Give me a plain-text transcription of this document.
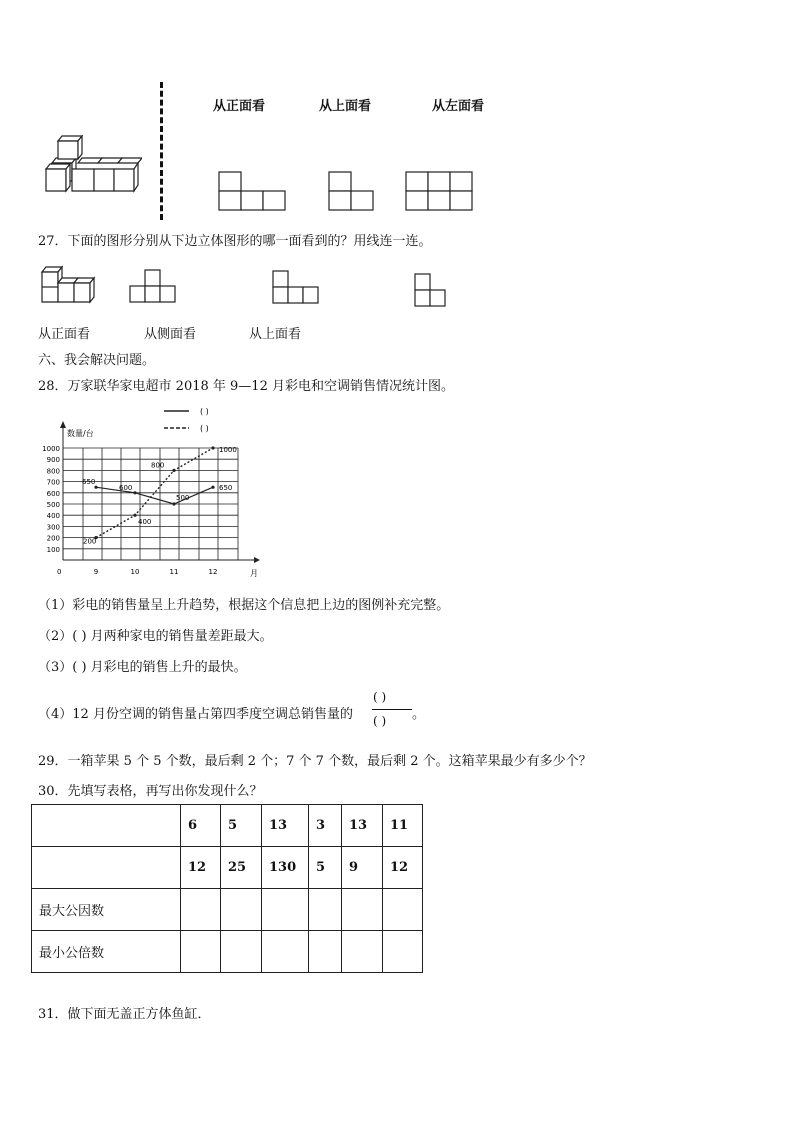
从正面看	从上面看	从左面看
27．下面的图形分别从下边立体图形的哪一面看到的？用线连一连。
从正面看	从侧面看	从上面看
六、我会解决问题。
28．万家联华家电超市 2018 年 9—12 月彩电和空调销售情况统计图。
( )
( )
数量/台
月
100
200
300
400
500
600
700
800
900
1000
0	9	10	11	12
650
600
500
650
200
400
800
1000
（1）彩电的销售量呈上升趋势，根据这个信息把上边的图例补充完整。
（2）( ) 月两种家电的销售量差距最大。
（3）( ) 月彩电的销售上升的最快。
（4）12 月份空调的销售量占第四季度空调总销售量的
( )
( ) 。
29．一箱苹果 5 个 5 个数，最后剩 2 个；7 个 7 个数，最后剩 2 个。这箱苹果最少有多少个？
30．先填写表格，再写出你发现什么？
	6	5	13	3	13	11
	12	25	130	5	9	12
最大公因数						
最小公倍数						
31．做下面无盖正方体鱼缸．
